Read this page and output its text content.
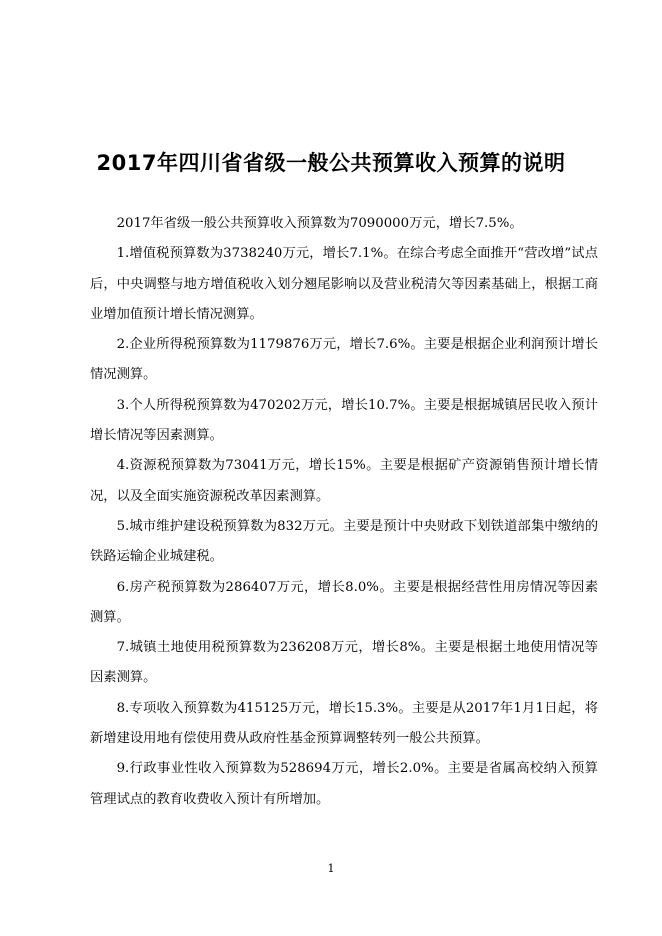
2017年四川省省级一般公共预算收入预算的说明

2017年省级一般公共预算收入预算数为7090000万元，增长7.5%。

1.增值税预算数为3738240万元，增长7.1%。在综合考虑全面推开“营改增”试点后，中央调整与地方增值税收入划分翘尾影响以及营业税清欠等因素基础上，根据工商业增加值预计增长情况测算。

2.企业所得税预算数为1179876万元，增长7.6%。主要是根据企业利润预计增长情况测算。

3.个人所得税预算数为470202万元，增长10.7%。主要是根据城镇居民收入预计增长情况等因素测算。

4.资源税预算数为73041万元，增长15%。主要是根据矿产资源销售预计增长情况，以及全面实施资源税改革因素测算。

5.城市维护建设税预算数为832万元。主要是预计中央财政下划铁道部集中缴纳的铁路运输企业城建税。

6.房产税预算数为286407万元，增长8.0%。主要是根据经营性用房情况等因素测算。

7.城镇土地使用税预算数为236208万元，增长8%。主要是根据土地使用情况等因素测算。

8.专项收入预算数为415125万元，增长15.3%。主要是从2017年1月1日起，将新增建设用地有偿使用费从政府性基金预算调整转列一般公共预算。

9.行政事业性收入预算数为528694万元，增长2.0%。主要是省属高校纳入预算管理试点的教育收费收入预计有所增加。

1
